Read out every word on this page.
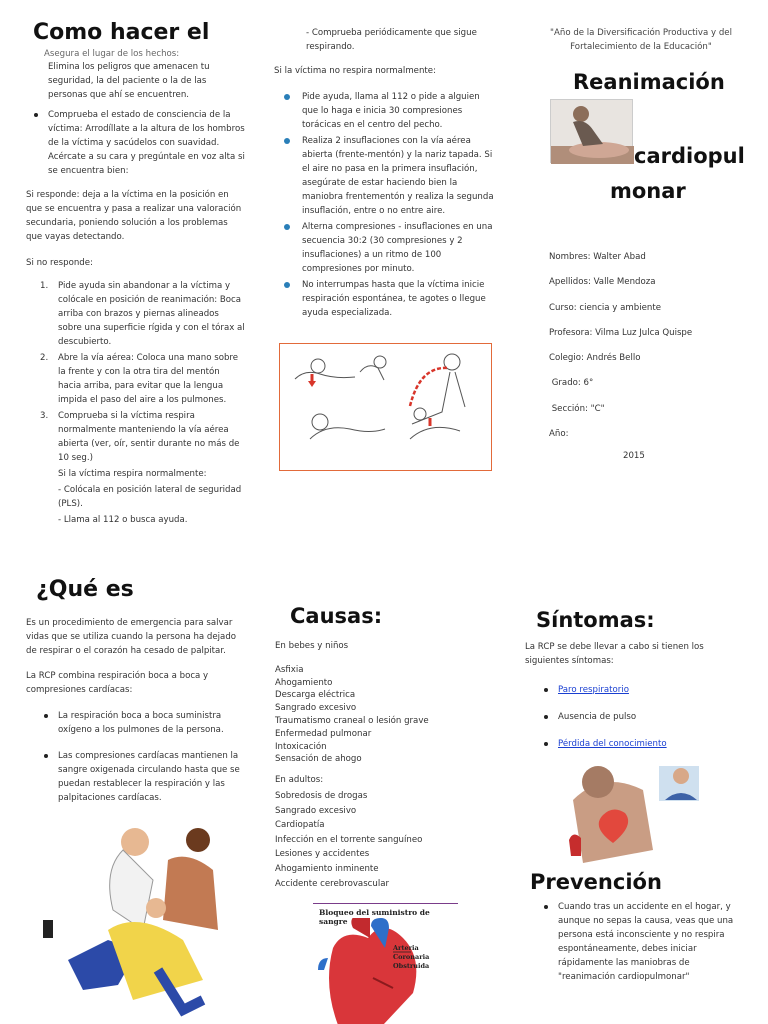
Como hacer el
Asegura el lugar de los hechos:
Elimina los peligros que amenacen tu seguridad, la del paciente o la de las personas que ahí se encuentren.
Comprueba el estado de consciencia de la víctima: Arrodíllate a la altura de los hombros de la víctima y sacúdelos con suavidad. Acércate a su cara y pregúntale en voz alta si se encuentra bien:
Si responde: deja a la víctima en la posición en que se encuentra y pasa a realizar una valoración secundaria, poniendo solución a los problemas que vayas detectando.
Si no responde:
1. Pide ayuda sin abandonar a la víctima y colócale en posición de reanimación: Boca arriba con brazos y piernas alineados sobre una superficie rígida y con el tórax al descubierto.
2. Abre la vía aérea: Coloca una mano sobre la frente y con la otra tira del mentón hacia arriba, para evitar que la lengua impida el paso del aire a los pulmones.
3. Comprueba si la víctima respira normalmente manteniendo la vía aérea abierta (ver, oír, sentir durante no más de 10 seg.)
Si la víctima respira normalmente:
- Colócala en posición lateral de seguridad (PLS).
- Llama al 112 o busca ayuda.
- Comprueba periódicamente que sigue respirando.
Si la víctima no respira normalmente:
Pide ayuda, llama al 112 o pide a alguien que lo haga e inicia 30 compresiones torácicas en el centro del pecho.
Realiza 2 insuflaciones con la vía aérea abierta (frente-mentón) y la nariz tapada. Si el aire no pasa en la primera insuflación, asegúrate de estar haciendo bien la maniobra frentementón y realiza la segunda insuflación, entre o no entre aire.
Alterna compresiones - insuflaciones en una secuencia 30:2 (30 compresiones y 2 insuflaciones) a un ritmo de 100 compresiones por minuto.
No interrumpas hasta que la víctima inicie respiración espontánea, te agotes o llegue ayuda especializada.
"Año de la Diversificación Productiva y del Fortalecimiento de la Educación"
Reanimación
cardiopul
monar
Nombres: Walter Abad
Apellidos: Valle Mendoza
Curso: ciencia y ambiente
Profesora: Vilma Luz Julca Quispe
Colegio: Andrés Bello
Grado: 6°
Sección: "C"
Año:
2015
¿Qué es
Es un procedimiento de emergencia para salvar vidas que se utiliza cuando la persona ha dejado de respirar o el corazón ha cesado de palpitar.
La RCP combina respiración boca a boca y compresiones cardíacas:
La respiración boca a boca suministra oxígeno a los pulmones de la persona.
Las compresiones cardíacas mantienen la sangre oxigenada circulando hasta que se puedan restablecer la respiración y las palpitaciones cardíacas.
Causas:
En bebes y niños
Asfixia
Ahogamiento
Descarga eléctrica
Sangrado excesivo
Traumatismo craneal o lesión grave
Enfermedad pulmonar
Intoxicación
Sensación de ahogo
En adultos:
Sobredosis de drogas
Sangrado excesivo
Cardiopatía
Infección en el torrente sanguíneo
Lesiones y accidentes
Ahogamiento inminente
Accidente cerebrovascular
Bloqueo del suministro de sangre
Arteria
Coronaria
Obstruida
Síntomas:
La RCP se debe llevar a cabo si tienen los siguientes síntomas:
Paro respiratorio
Ausencia de pulso
Pérdida del conocimiento
Prevención
Cuando tras un accidente en el hogar, y aunque no sepas la causa, veas que una persona está inconsciente y no respira espontáneamente, debes iniciar rápidamente las maniobras de "reanimación cardiopulmonar"
